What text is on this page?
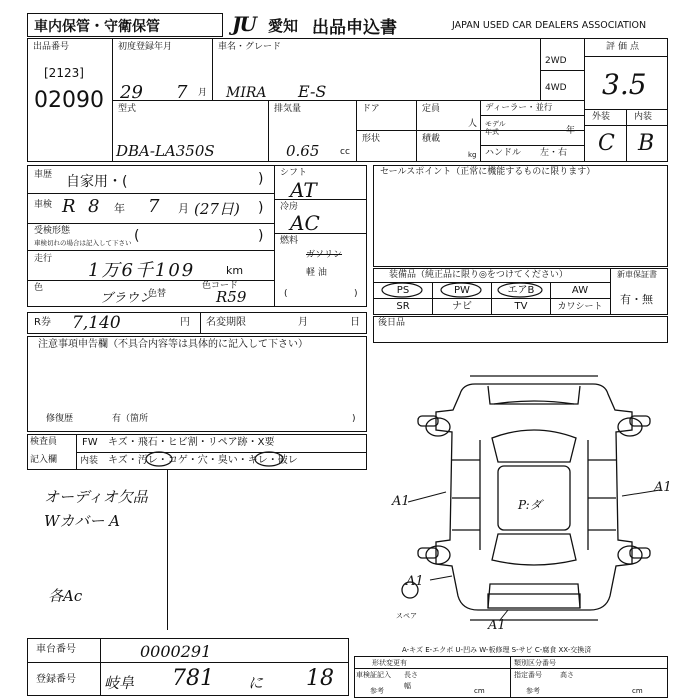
車内保管・守衛保管	JU 愛知 出品申込書	JAPAN USED CAR DEALERS ASSOCIATION
出品番号
[2123]
02090
初度登録年月
29 7 月
車名・グレード
MIRA E-S
2WD
4WD
評価点
3.5
外装	内装
C B
型式
DBA-LA350S
排気量
0.65 cc
ドア
形状
定員
人
積載
kg
ディーラー・並行
モデル年式	年
ハンドル 左・右
車歴 自家用・(	)
車検 R 8 年 7 月 (27日) )
受検形態
車検切れの場合は記入して下さい (	)
走行
1万6千109	km
色
ブラウン
色替
色コード
R59
シフト
AT
冷房
AC
燃料
ガソリン
軽 油
(	)
セールスポイント（正常に機能するものに限ります）
装備品（純正品に限り◎をつけてください）
PS	PW	エアB	AW
SR	ナビ	TV	カワシート
新車保証書
有・無
R券 7,140	円 名変期限	月	日
注意事項申告欄（不具合内容等は具体的に記入して下さい）
修復歴	有（箇所	)
検査員
記入欄
FW キズ・飛石・ヒビ割・リペア跡・X要
内装 キズ・汚レ・コゲ・穴・臭い・キレ・破レ
オーディオ欠品
Wカバー A
各Ac
後日品
A1
A1
P:ダ
A1
A1
スペア
車台番号	0000291
登録番号 岐阜 781 に 18
A-キズ E-エクボ U-凹み W-板修理 S-サビ C-腐食 XX-交換済
形状変更有
車検証記入 長さ
参考	cm
幅
類別区分番号
指定番号	高さ
参考	cm
